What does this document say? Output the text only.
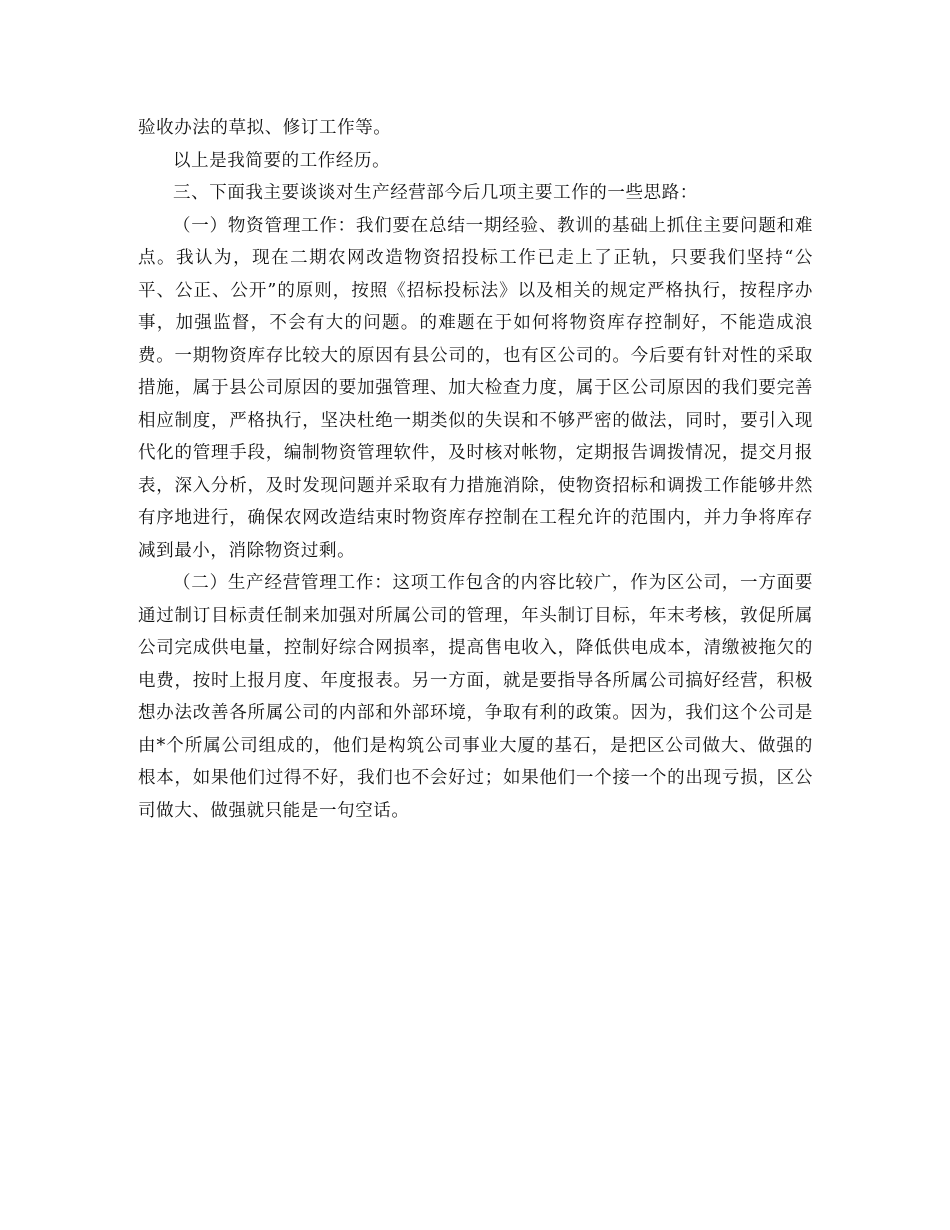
验收办法的草拟、修订工作等。

以上是我简要的工作经历。

三、下面我主要谈谈对生产经营部今后几项主要工作的一些思路：

（一）物资管理工作：我们要在总结一期经验、教训的基础上抓住主要问题和难点。我认为，现在二期农网改造物资招投标工作已走上了正轨，只要我们坚持“公平、公正、公开”的原则，按照《招标投标法》以及相关的规定严格执行，按程序办事，加强监督，不会有大的问题。的难题在于如何将物资库存控制好，不能造成浪费。一期物资库存比较大的原因有县公司的，也有区公司的。今后要有针对性的采取措施，属于县公司原因的要加强管理、加大检查力度，属于区公司原因的我们要完善相应制度，严格执行，坚决杜绝一期类似的失误和不够严密的做法，同时，要引入现代化的管理手段，编制物资管理软件，及时核对帐物，定期报告调拨情况，提交月报表，深入分析，及时发现问题并采取有力措施消除，使物资招标和调拨工作能够井然有序地进行，确保农网改造结束时物资库存控制在工程允许的范围内，并力争将库存减到最小，消除物资过剩。

（二）生产经营管理工作：这项工作包含的内容比较广，作为区公司，一方面要通过制订目标责任制来加强对所属公司的管理，年头制订目标，年末考核，敦促所属公司完成供电量，控制好综合网损率，提高售电收入，降低供电成本，清缴被拖欠的电费，按时上报月度、年度报表。另一方面，就是要指导各所属公司搞好经营，积极想办法改善各所属公司的内部和外部环境，争取有利的政策。因为，我们这个公司是由*个所属公司组成的，他们是构筑公司事业大厦的基石，是把区公司做大、做强的根本，如果他们过得不好，我们也不会好过；如果他们一个接一个的出现亏损，区公司做大、做强就只能是一句空话。
